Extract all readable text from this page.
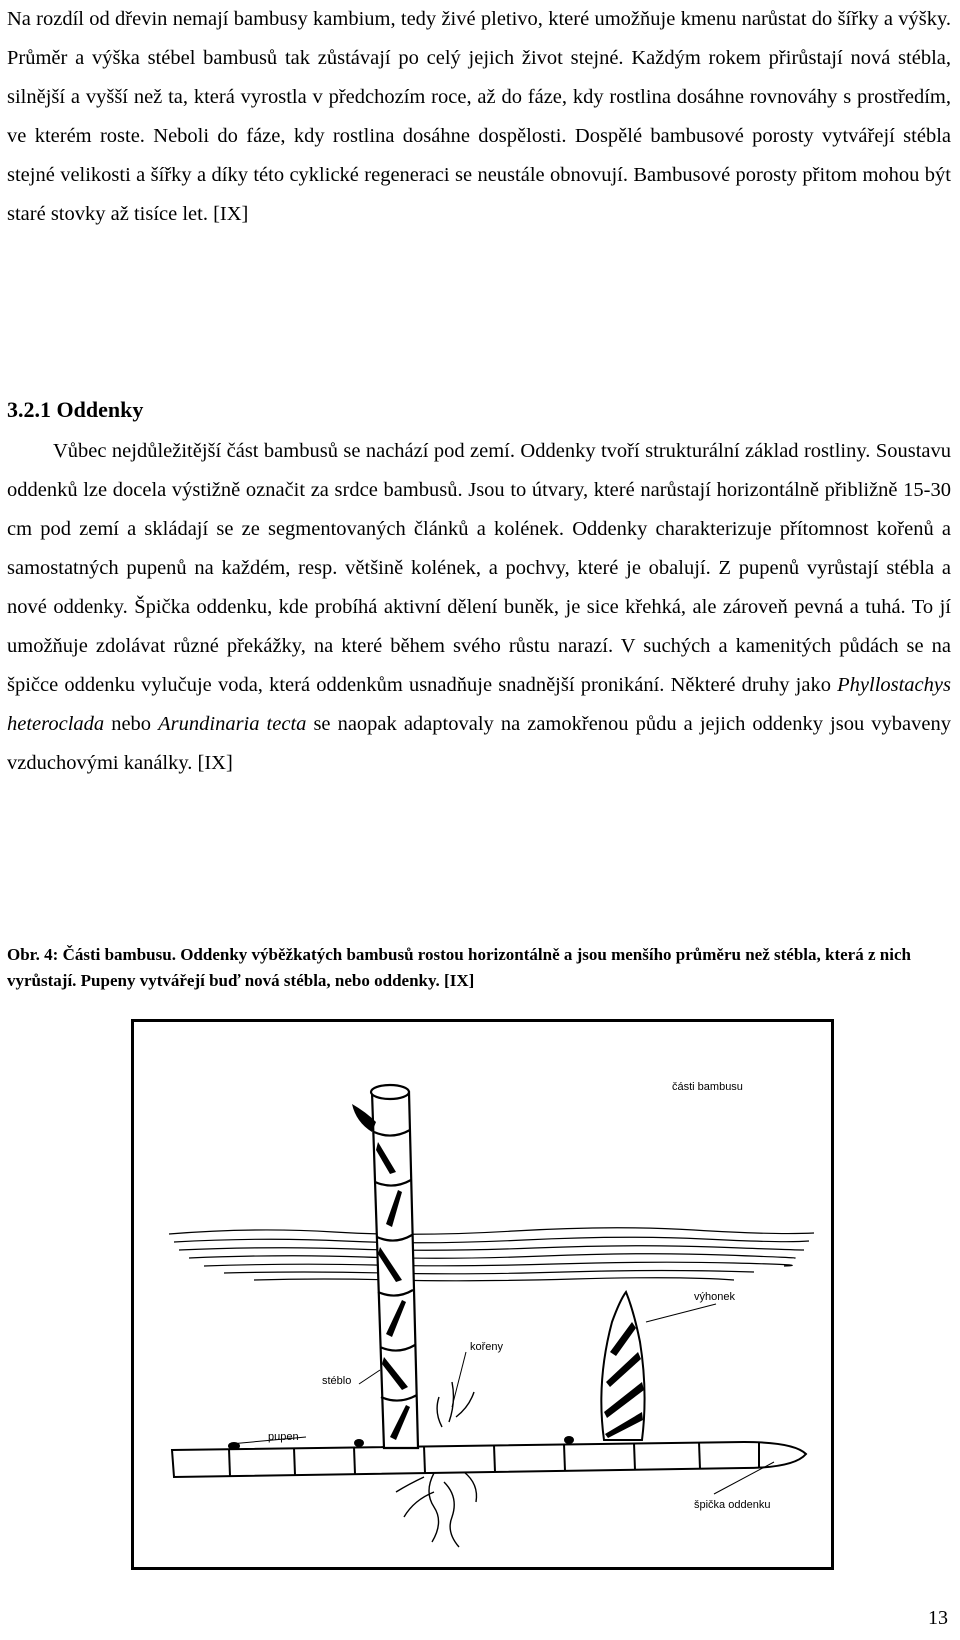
Na rozdíl od dřevin nemají bambusy kambium, tedy živé pletivo, které umožňuje kmenu narůstat do šířky a výšky. Průměr a výška stébel bambusů tak zůstávají po celý jejich život stejné. Každým rokem přirůstají nová stébla, silnější a vyšší než ta, která vyrostla v předchozím roce, až do fáze, kdy rostlina dosáhne rovnováhy s prostředím, ve kterém roste. Neboli do fáze, kdy rostlina dosáhne dospělosti. Dospělé bambusové porosty vytvářejí stébla stejné velikosti a šířky a díky této cyklické regeneraci se neustále obnovují. Bambusové porosty přitom mohou být staré stovky až tisíce let. [IX]

3.2.1 Oddenky

Vůbec nejdůležitější část bambusů se nachází pod zemí. Oddenky tvoří strukturální základ rostliny. Soustavu oddenků lze docela výstižně označit za srdce bambusů. Jsou to útvary, které narůstají horizontálně přibližně 15-30 cm pod zemí a skládají se ze segmentovaných článků a kolének. Oddenky charakterizuje přítomnost kořenů a samostatných pupenů na každém, resp. většině kolének, a pochvy, které je obalují. Z pupenů vyrůstají stébla a nové oddenky. Špička oddenku, kde probíhá aktivní dělení buněk, je sice křehká, ale zároveň pevná a tuhá. To jí umožňuje zdolávat různé překážky, na které během svého růstu narazí. V suchých a kamenitých půdách se na špičce oddenku vylučuje voda, která oddenkům usnadňuje snadnější pronikání. Některé druhy jako Phyllostachys heteroclada nebo Arundinaria tecta se naopak adaptovaly na zamokřenou půdu a jejich oddenky jsou vybaveny vzduchovými kanálky. [IX]

Obr. 4: Části bambusu. Oddenky výběžkatých bambusů rostou horizontálně a jsou menšího průměru než stébla, která z nich vyrůstají. Pupeny vytvářejí buď nová stébla, nebo oddenky. [IX]

části bambusu
výhonek
kořeny
stéblo
pupen
špička oddenku

13
